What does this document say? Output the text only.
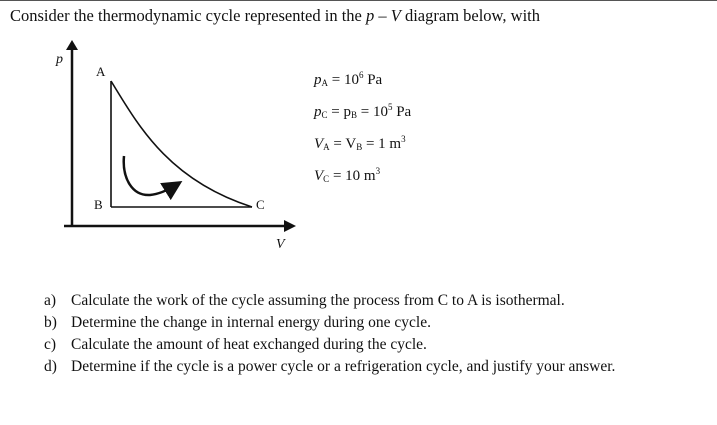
Consider the thermodynamic cycle represented in the p – V diagram below, with
p
V
A
B	C
$p_A = 10^6$ Pa
$p_C = p_B = 10^5$ Pa
$V_A = V_B = 1$ $m^3$
$V_C = 10$ $m^3$
a) Calculate the work of the cycle assuming the process from C to A is isothermal.
b) Determine the change in internal energy during one cycle.
c) Calculate the amount of heat exchanged during the cycle.
d) Determine if the cycle is a power cycle or a refrigeration cycle, and justify your answer.
